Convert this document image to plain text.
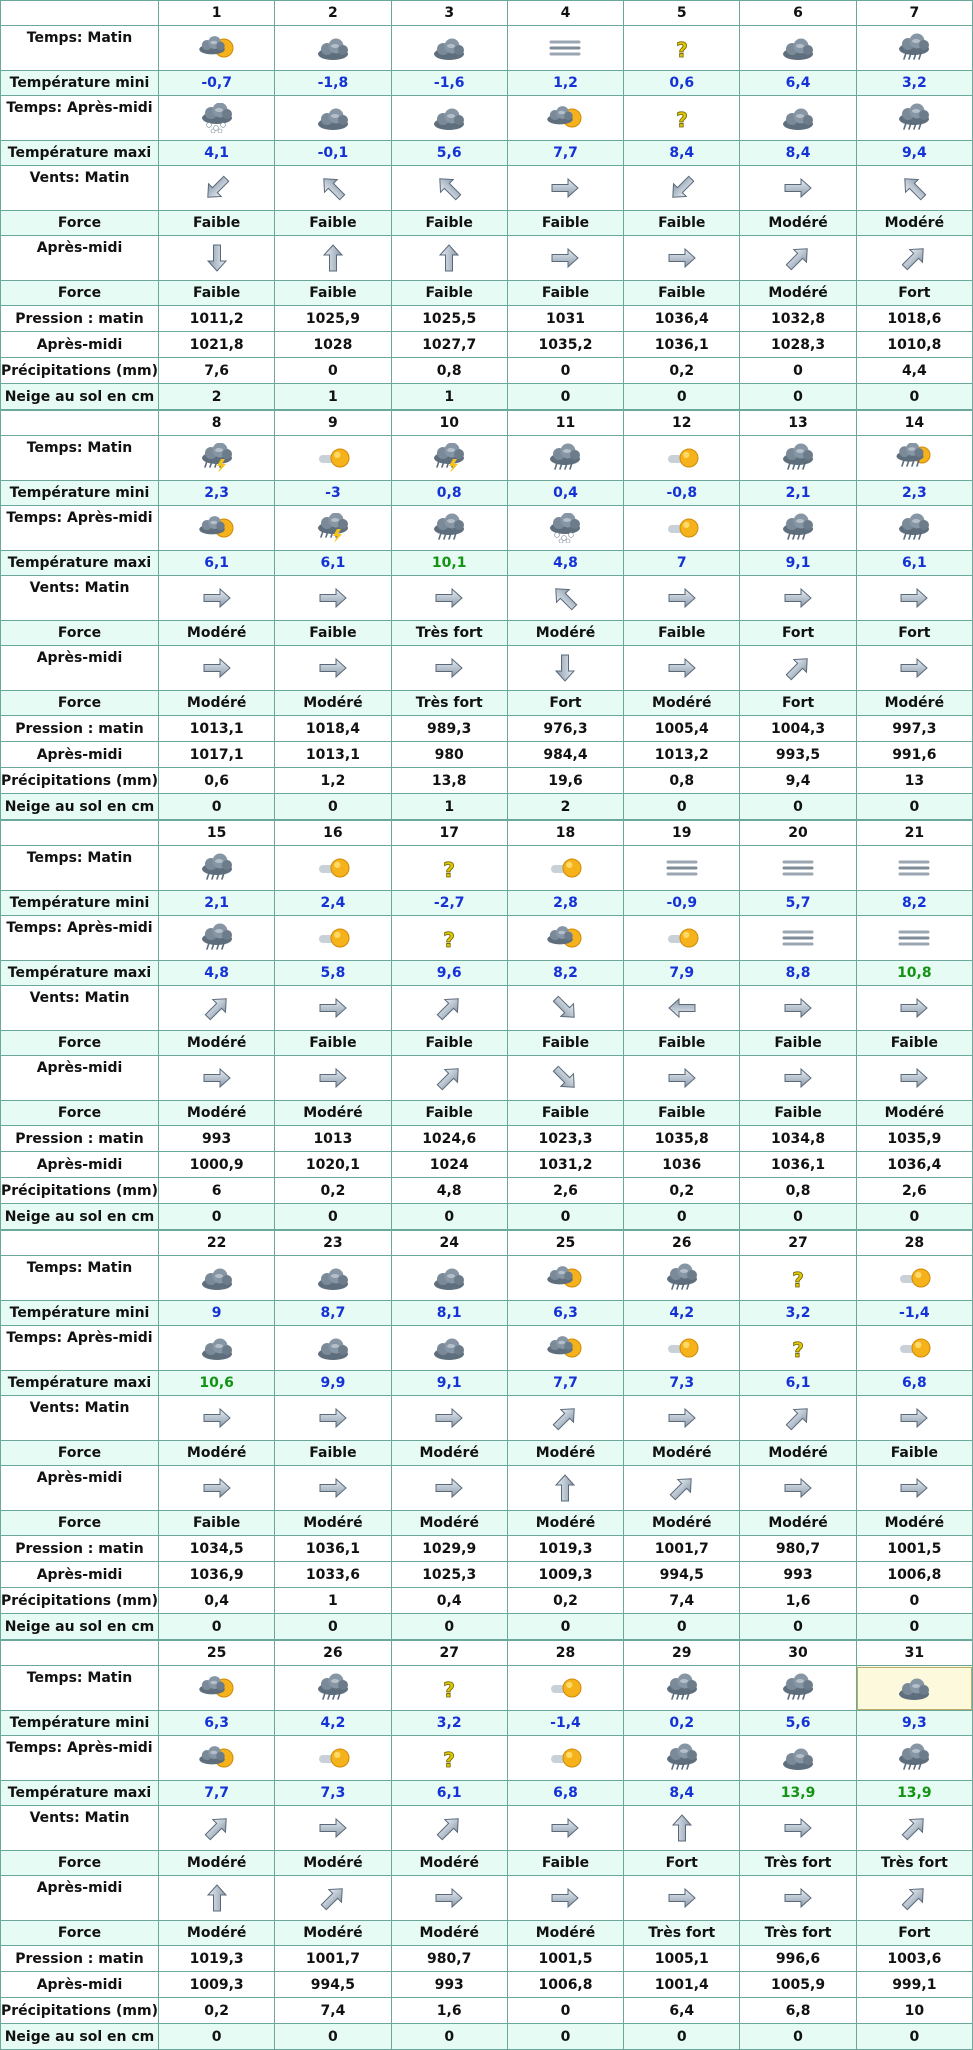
	1	2	3	4	5	6	7
Temps: Matin					?

Température mini	-0,7	-1,8	-1,6	1,2	0,6	6,4	3,2
Temps: Après-midi					?

Température maxi	4,1	-0,1	5,6	7,7	8,4	8,4	9,4
Vents: Matin	

Force	Faible	Faible	Faible	Faible	Faible	Modéré	Modéré
Après-midi	

Force	Faible	Faible	Faible	Faible	Faible	Modéré	Fort
Pression : matin	1011,2	1025,9	1025,5	1031	1036,4	1032,8	1018,6
Après-midi	1021,8	1028	1027,7	1035,2	1036,1	1028,3	1010,8
Précipitations (mm)	7,6	0	0,8	0	0,2	0	4,4
Neige au sol en cm	2	1	1	0	0	0	0
	8	9	10	11	12	13	14
Temps: Matin	

Température mini	2,3	-3	0,8	0,4	-0,8	2,1	2,3
Temps: Après-midi	

Température maxi	6,1	6,1	10,1	4,8	7	9,1	6,1
Vents: Matin	

Force	Modéré	Faible	Très fort	Modéré	Faible	Fort	Fort
Après-midi	

Force	Modéré	Modéré	Très fort	Fort	Modéré	Fort	Modéré
Pression : matin	1013,1	1018,4	989,3	976,3	1005,4	1004,3	997,3
Après-midi	1017,1	1013,1	980	984,4	1013,2	993,5	991,6
Précipitations (mm)	0,6	1,2	13,8	19,6	0,8	9,4	13
Neige au sol en cm	0	0	1	2	0	0	0
	15	16	17	18	19	20	21
Temps: Matin			?

Température mini	2,1	2,4	-2,7	2,8	-0,9	5,7	8,2
Temps: Après-midi			?

Température maxi	4,8	5,8	9,6	8,2	7,9	8,8	10,8
Vents: Matin	

Force	Modéré	Faible	Faible	Faible	Faible	Faible	Faible
Après-midi	

Force	Modéré	Modéré	Faible	Faible	Faible	Faible	Modéré
Pression : matin	993	1013	1024,6	1023,3	1035,8	1034,8	1035,9
Après-midi	1000,9	1020,1	1024	1031,2	1036	1036,1	1036,4
Précipitations (mm)	6	0,2	4,8	2,6	0,2	0,8	2,6
Neige au sol en cm	0	0	0	0	0	0	0
	22	23	24	25	26	27	28
Temps: Matin						?

Température mini	9	8,7	8,1	6,3	4,2	3,2	-1,4
Temps: Après-midi						?

Température maxi	10,6	9,9	9,1	7,7	7,3	6,1	6,8
Vents: Matin	

Force	Modéré	Faible	Modéré	Modéré	Modéré	Modéré	Faible
Après-midi	

Force	Faible	Modéré	Modéré	Modéré	Modéré	Modéré	Modéré
Pression : matin	1034,5	1036,1	1029,9	1019,3	1001,7	980,7	1001,5
Après-midi	1036,9	1033,6	1025,3	1009,3	994,5	993	1006,8
Précipitations (mm)	0,4	1	0,4	0,2	7,4	1,6	0
Neige au sol en cm	0	0	0	0	0	0	0
	25	26	27	28	29	30	31
Temps: Matin			?

Température mini	6,3	4,2	3,2	-1,4	0,2	5,6	9,3
Temps: Après-midi			?

Température maxi	7,7	7,3	6,1	6,8	8,4	13,9	13,9
Vents: Matin	

Force	Modéré	Modéré	Modéré	Faible	Fort	Très fort	Très fort
Après-midi	

Force	Modéré	Modéré	Modéré	Modéré	Très fort	Très fort	Fort
Pression : matin	1019,3	1001,7	980,7	1001,5	1005,1	996,6	1003,6
Après-midi	1009,3	994,5	993	1006,8	1001,4	1005,9	999,1
Précipitations (mm)	0,2	7,4	1,6	0	6,4	6,8	10
Neige au sol en cm	0	0	0	0	0	0	0
